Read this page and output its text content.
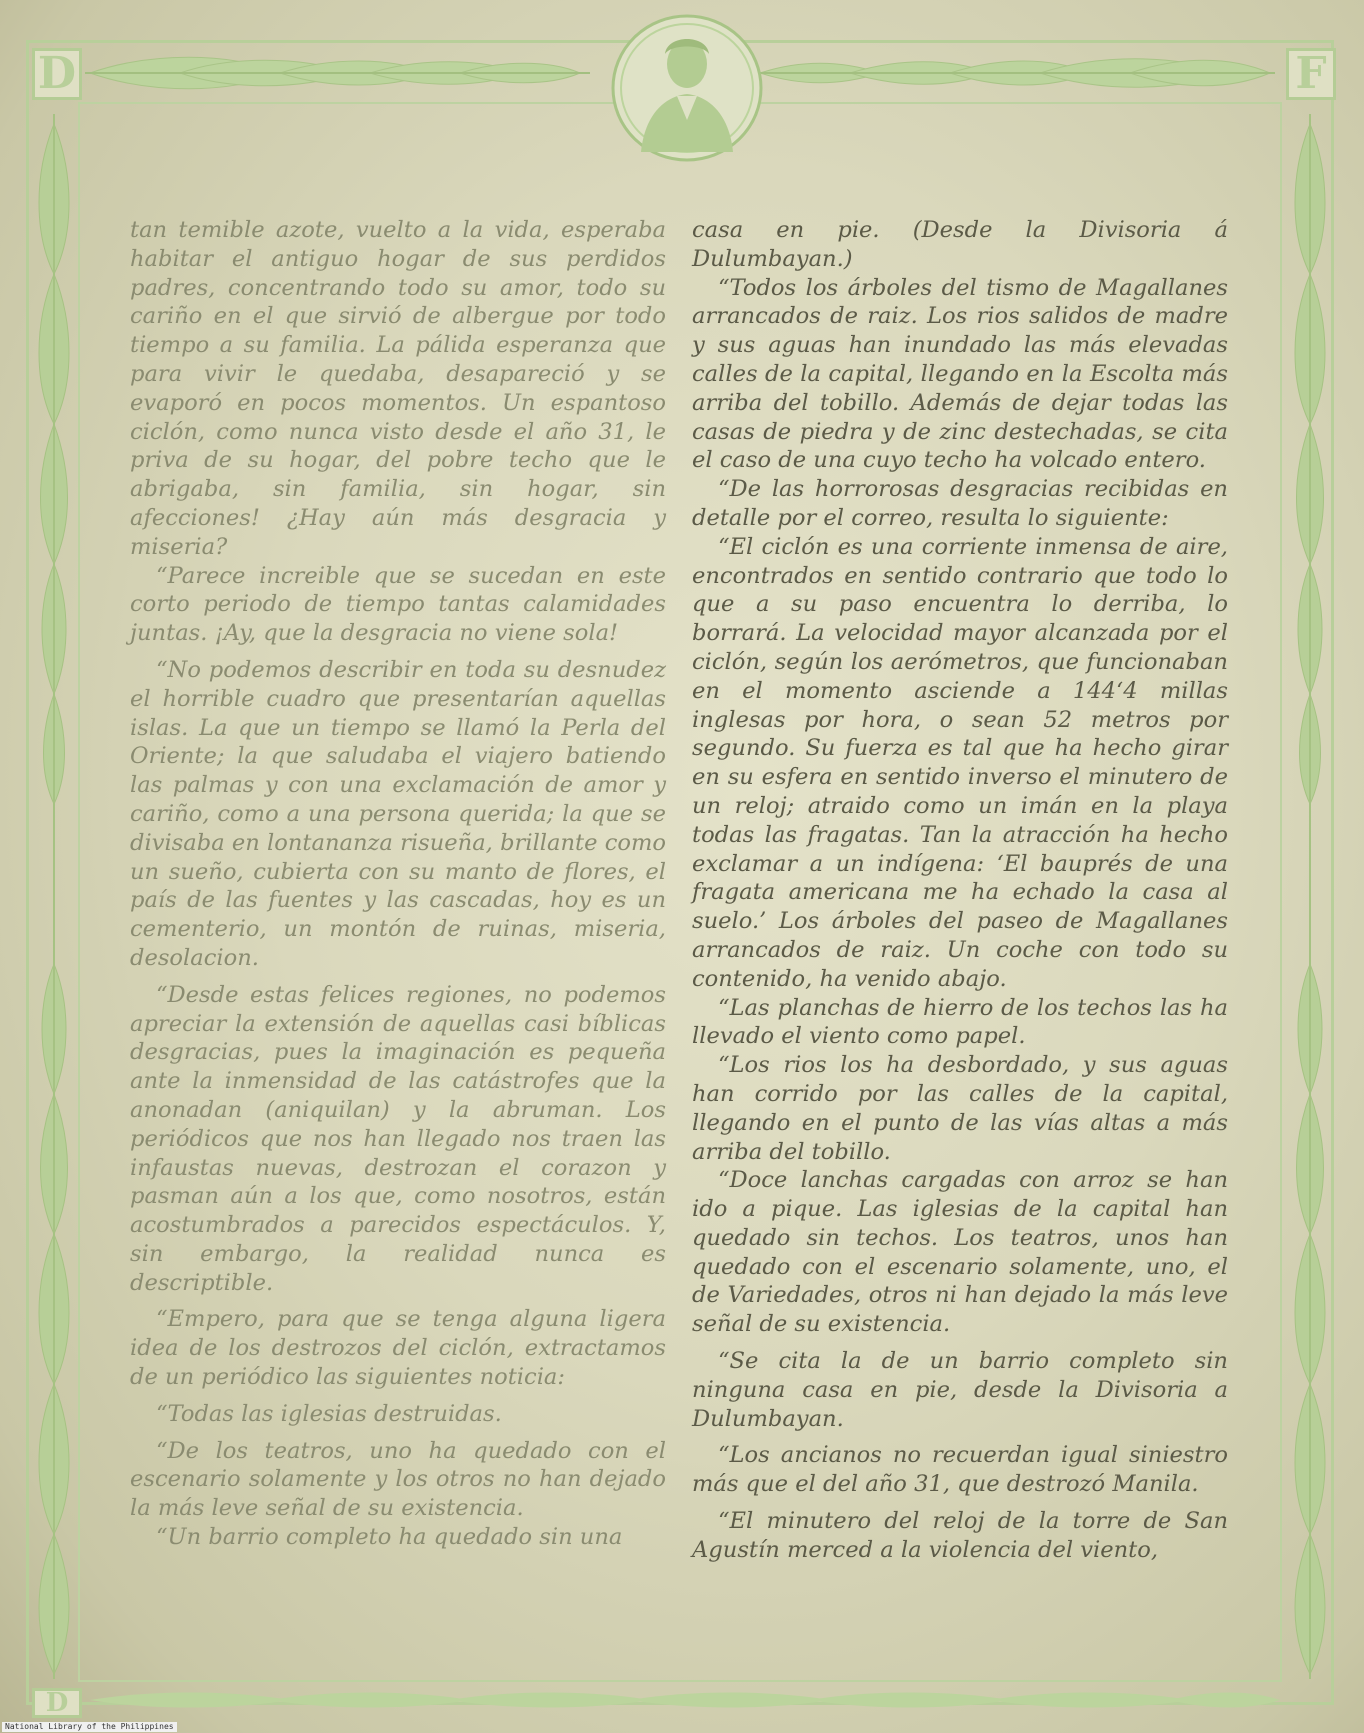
D	F
D

tan temible azote, vuelto a la vida, esperaba habitar el antiguo hogar de sus perdidos padres, concentrando todo su amor, todo su cariño en el que sirvió de albergue por todo tiempo a su familia. La pálida esperanza que para vivir le quedaba, desapareció y se evaporó en pocos momentos. Un espantoso ciclón, como nunca visto desde el año 31, le priva de su hogar, del pobre techo que le abrigaba, sin familia, sin hogar, sin afecciones! ¿Hay aún más desgracia y miseria?

“Parece increible que se sucedan en este corto periodo de tiempo tantas calamidades juntas. ¡Ay, que la desgracia no viene sola!

“No podemos describir en toda su desnudez el horrible cuadro que presentarían aquellas islas. La que un tiempo se llamó la Perla del Oriente; la que saludaba el viajero batiendo las palmas y con una exclamación de amor y cariño, como a una persona querida; la que se divisaba en lontananza risueña, brillante como un sueño, cubierta con su manto de flores, el país de las fuentes y las cascadas, hoy es un cementerio, un montón de ruinas, miseria, desolacion.

“Desde estas felices regiones, no podemos apreciar la extensión de aquellas casi bíblicas desgracias, pues la imaginación es pequeña ante la inmensidad de las catástrofes que la anonadan (aniquilan) y la abruman. Los periódicos que nos han llegado nos traen las infaustas nuevas, destrozan el corazon y pasman aún a los que, como nosotros, están acostumbrados a parecidos espectáculos. Y, sin embargo, la realidad nunca es descriptible.

“Empero, para que se tenga alguna ligera idea de los destrozos del ciclón, extractamos de un periódico las siguientes noticia:

“Todas las iglesias destruidas.

“De los teatros, uno ha quedado con el escenario solamente y los otros no han dejado la más leve señal de su existencia.

“Un barrio completo ha quedado sin una

casa en pie. (Desde la Divisoria á Dulumbayan.)

“Todos los árboles del tismo de Magallanes arrancados de raiz. Los rios salidos de madre y sus aguas han inundado las más elevadas calles de la capital, llegando en la Escolta más arriba del tobillo. Además de dejar todas las casas de piedra y de zinc destechadas, se cita el caso de una cuyo techo ha volcado entero.

“De las horrorosas desgracias recibidas en detalle por el correo, resulta lo siguiente:

“El ciclón es una corriente inmensa de aire, encontrados en sentido contrario que todo lo que a su paso encuentra lo derriba, lo borrará. La velocidad mayor alcanzada por el ciclón, según los aerómetros, que funcionaban en el momento asciende a 144‘4 millas inglesas por hora, o sean 52 metros por segundo. Su fuerza es tal que ha hecho girar en su esfera en sentido inverso el minutero de un reloj; atraido como un imán en la playa todas las fragatas. Tan la atracción ha hecho exclamar a un indígena: ‘El bauprés de una fragata americana me ha echado la casa al suelo.’ Los árboles del paseo de Magallanes arrancados de raiz. Un coche con todo su contenido, ha venido abajo.

“Las planchas de hierro de los techos las ha llevado el viento como papel.

“Los rios los ha desbordado, y sus aguas han corrido por las calles de la capital, llegando en el punto de las vías altas a más arriba del tobillo.

“Doce lanchas cargadas con arroz se han ido a pique. Las iglesias de la capital han quedado sin techos. Los teatros, unos han quedado con el escenario solamente, uno, el de Variedades, otros ni han dejado la más leve señal de su existencia.

“Se cita la de un barrio completo sin ninguna casa en pie, desde la Divisoria a Dulumbayan.

“Los ancianos no recuerdan igual siniestro más que el del año 31, que destrozó Manila.

“El minutero del reloj de la torre de San Agustín merced a la violencia del viento,

National Library of the Philippines
